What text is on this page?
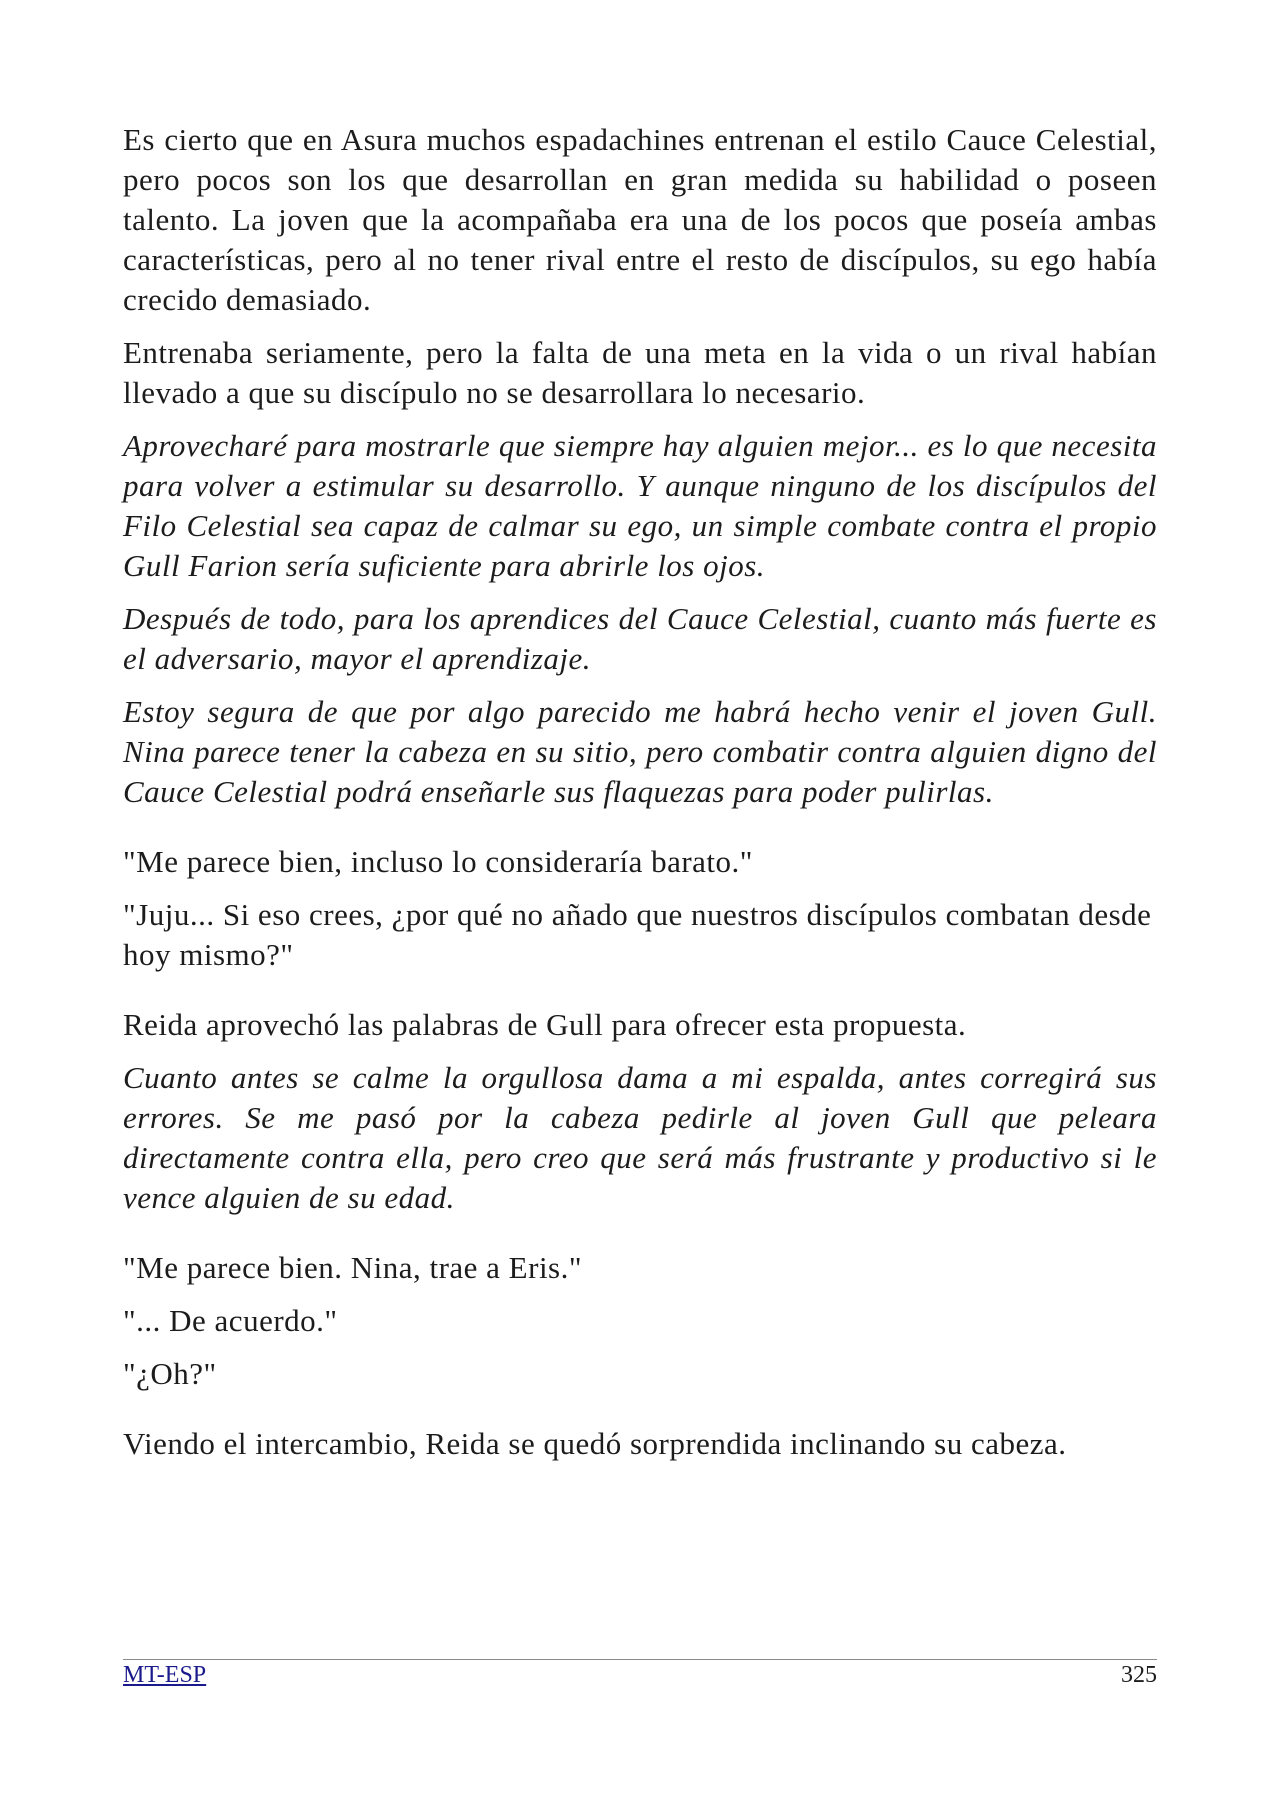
Es cierto que en Asura muchos espadachines entrenan el estilo Cauce Celestial, pero pocos son los que desarrollan en gran medida su habilidad o poseen talento. La joven que la acompañaba era una de los pocos que poseía ambas características, pero al no tener rival entre el resto de discípulos, su ego había crecido demasiado.

Entrenaba seriamente, pero la falta de una meta en la vida o un rival habían llevado a que su discípulo no se desarrollara lo necesario.

Aprovecharé para mostrarle que siempre hay alguien mejor... es lo que necesita para volver a estimular su desarrollo. Y aunque ninguno de los discípulos del Filo Celestial sea capaz de calmar su ego, un simple combate contra el propio Gull Farion sería suficiente para abrirle los ojos.

Después de todo, para los aprendices del Cauce Celestial, cuanto más fuerte es el adversario, mayor el aprendizaje.

Estoy segura de que por algo parecido me habrá hecho venir el joven Gull. Nina parece tener la cabeza en su sitio, pero combatir contra alguien digno del Cauce Celestial podrá enseñarle sus flaquezas para poder pulirlas.

"Me parece bien, incluso lo consideraría barato."

"Juju... Si eso crees, ¿por qué no añado que nuestros discípulos combatan desde hoy mismo?"

Reida aprovechó las palabras de Gull para ofrecer esta propuesta.

Cuanto antes se calme la orgullosa dama a mi espalda, antes corregirá sus errores. Se me pasó por la cabeza pedirle al joven Gull que peleara directamente contra ella, pero creo que será más frustrante y productivo si le vence alguien de su edad.

"Me parece bien. Nina, trae a Eris."

"... De acuerdo."

"¿Oh?"

Viendo el intercambio, Reida se quedó sorprendida inclinando su cabeza.

MT-ESP	325
